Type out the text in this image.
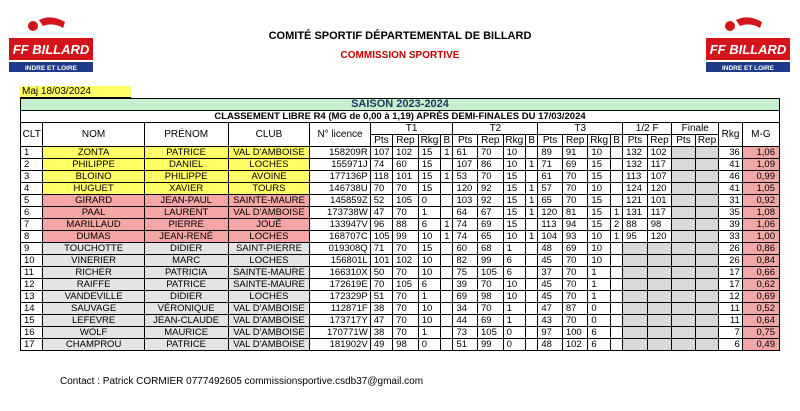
FF BILLARD
INDRE ET LOIRE
FF BILLARD
INDRE ET LOIRE
COMITÉ SPORTIF DÉPARTEMENTAL DE BILLARD
COMMISSION SPORTIVE
Maj 18/03/2024
SAISON 2023-2024																						
CLASSEMENT LIBRE R4 (MG de 0,00 à 1,19) APRÈS DEMI-FINALES DU 17/03/2024																						
CLT	NOM	PRÉNOM	CLUB	N° licence	T1				T2				T3				1/2 F		Finale		Rkg	M-G
					Pts	Rep	Rkg	B	Pts	Rep	Rkg	B	Pts	Rep	Rkg	B	Pts	Rep	Pts	Rep		
1	ZONTA	PATRICE	VAL D'AMBOISE	158209R	107	102	15	1	61	70	10		89	91	10		132	102			36	1,06
2	PHILIPPE	DANIEL	LOCHES	155971J	74	60	15		107	86	10	1	71	69	15		132	117			41	1,09
3	BLOINO	PHILIPPE	AVOINE	177136P	118	101	15	1	53	70	15		61	70	15		113	107			46	0,99
4	HUGUET	XAVIER	TOURS	146738U	70	70	15		120	92	15	1	57	70	10		124	120			41	1,05
5	GIRARD	JEAN-PAUL	SAINTE-MAURE	145859Z	52	105	0		103	92	15	1	65	70	15		121	101			31	0,92
6	PAAL	LAURENT	VAL D'AMBOISE	173738W	47	70	1		64	67	15	1	120	81	15	1	131	117			35	1,08
7	MARILLAUD	PIERRE	JOUÉ	133947V	96	88	6	1	74	69	15		113	94	15	2	88	98			39	1,06
8	DUMAS	JEAN-RENÉ	LOCHES	168707C	105	99	10	1	74	65	10	1	104	93	10	1	95	120			33	1,00
9	TOUCHOTTE	DIDIER	SAINT-PIERRE	019308Q	71	70	15		60	68	1		48	69	10						26	0,86
10	VINERIER	MARC	LOCHES	156801L	101	102	10		82	99	6		45	70	10						26	0,84
11	RICHER	PATRICIA	SAINTE-MAURE	166310X	50	70	10		75	105	6		37	70	1						17	0,66
12	RAIFFE	PATRICE	SAINTE-MAURE	172619E	70	105	6		39	70	10		45	70	1						17	0,62
13	VANDEVILLE	DIDIER	LOCHES	172329P	51	70	1		69	98	10		45	70	1						12	0,69
14	SAUVAGE	VÉRONIQUE	VAL D'AMBOISE	112871F	38	70	10		34	70	1		47	87	0						11	0,52
15	LEFEVRE	JEAN-CLAUDE	VAL D'AMBOISE	173717Y	47	70	10		44	69	1		43	70	0						11	0,64
16	WOLF	MAURICE	VAL D'AMBOISE	170771W	38	70	1		73	105	0		97	100	6						7	0,75
17	CHAMPROU	PATRICE	VAL D'AMBOISE	181902V	49	98	0		51	99	0		48	102	6						6	0,49
Contact : Patrick CORMIER 0777492605 commissionsportive.csdb37@gmail.com
